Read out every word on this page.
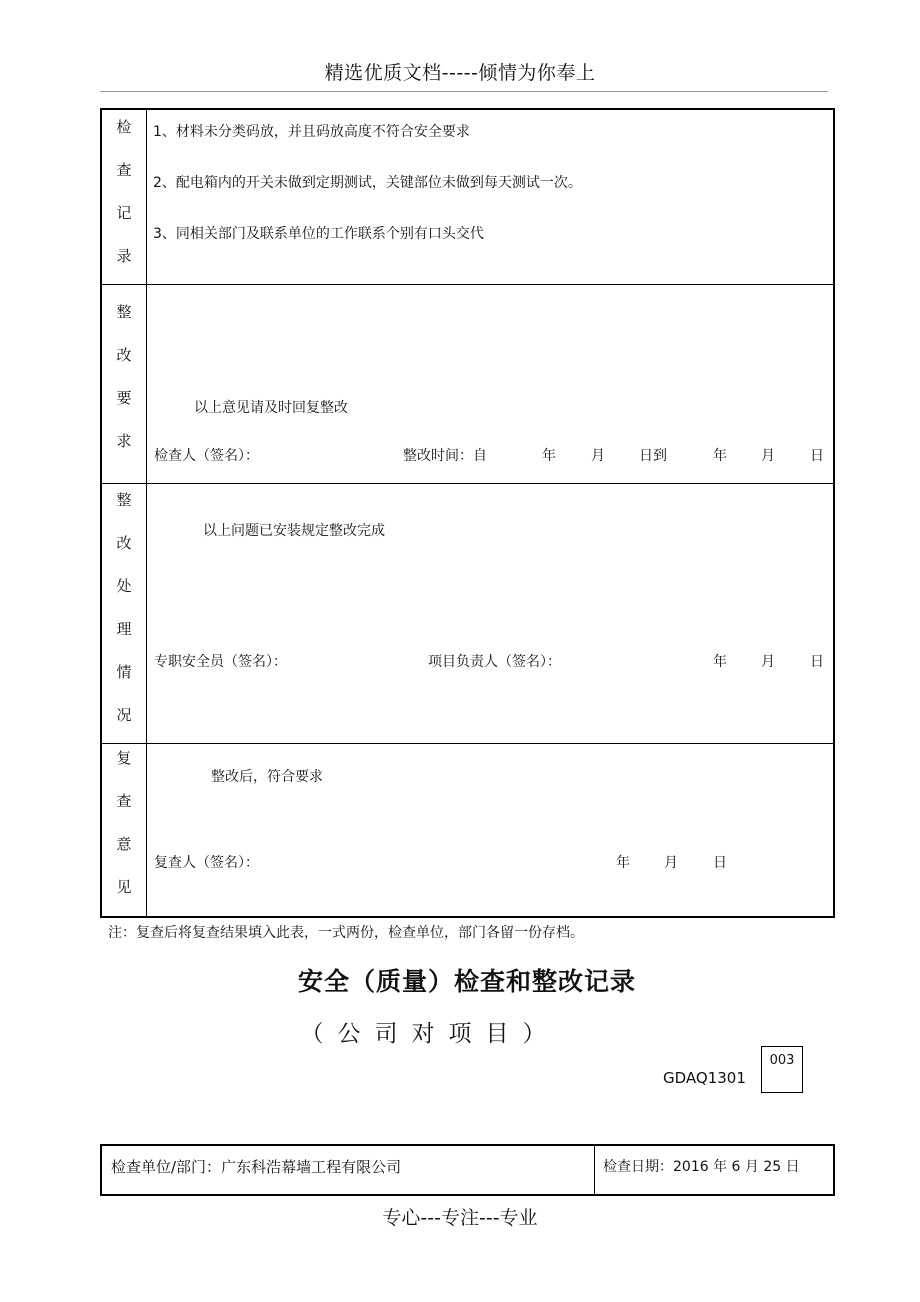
精选优质文档-----倾情为你奉上
检
查
记
录
1、材料未分类码放，并且码放高度不符合安全要求
2、配电箱内的开关未做到定期测试，关键部位未做到每天测试一次。
3、同相关部门及联系单位的工作联系个别有口头交代
整
改
要
求
以上意见请及时回复整改
检查人（签名）：	整改时间：自	年	月 日到	年 月	日
整
改
处
理
情
况
以上问题已安装规定整改完成
专职安全员（签名）：	项目负责人（签名）：	年 月	日
复
查
意
见
整改后，符合要求
复查人（签名）：	年 月	日
注：复查后将复查结果填入此表，一式两份，检查单位，部门各留一份存档。
安全（质量）检查和整改记录
（公司对项目）
GDAQ1301
003
检查单位/部门：广东科浩幕墙工程有限公司	检查日期：2016 年 6 月 25 日
专心---专注---专业
